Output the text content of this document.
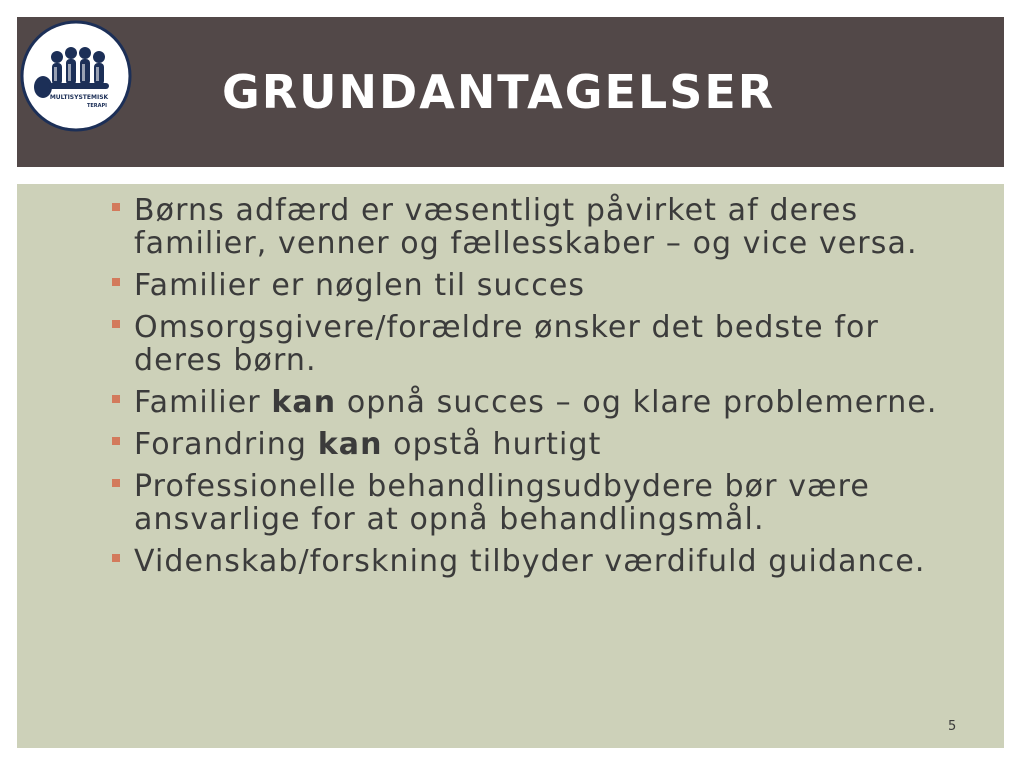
MULTISYSTEMISK
TERAPI GRUNDANTAGELSER
Børns adfærd er væsentligt påvirket af deres familier, venner og fællesskaber – og vice versa.
Familier er nøglen til succes
Omsorgsgivere/forældre ønsker det bedste for deres børn.
Familier kan opnå succes – og klare problemerne.
Forandring kan opstå hurtigt
Professionelle behandlingsudbydere bør være ansvarlige for at opnå behandlingsmål.
Videnskab/forskning tilbyder værdifuld guidance.
5
